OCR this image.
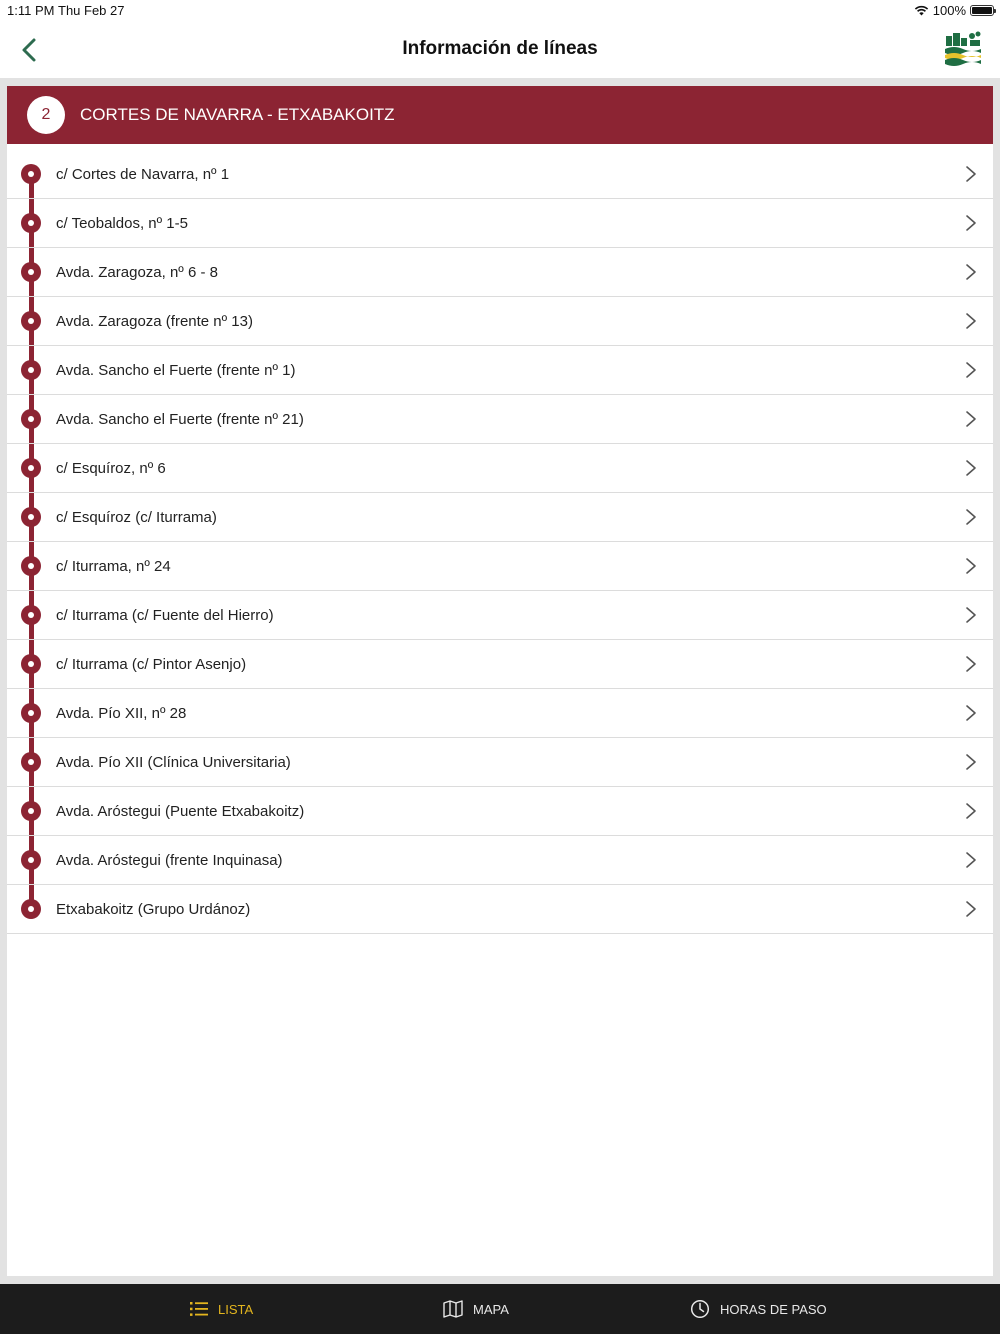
1:11 PM Thu Feb 27	100%
Información de líneas
2	CORTES DE NAVARRA - ETXABAKOITZ
c/ Cortes de Navarra, nº 1
c/ Teobaldos, nº 1-5
Avda. Zaragoza, nº 6 - 8
Avda. Zaragoza (frente nº 13)
Avda. Sancho el Fuerte (frente nº 1)
Avda. Sancho el Fuerte (frente nº 21)
c/ Esquíroz, nº 6
c/ Esquíroz (c/ Iturrama)
c/ Iturrama, nº 24
c/ Iturrama (c/ Fuente del Hierro)
c/ Iturrama (c/ Pintor Asenjo)
Avda. Pío XII, nº 28
Avda. Pío XII (Clínica Universitaria)
Avda. Aróstegui (Puente Etxabakoitz)
Avda. Aróstegui (frente Inquinasa)
Etxabakoitz (Grupo Urdánoz)
LISTA	MAPA	HORAS DE PASO
